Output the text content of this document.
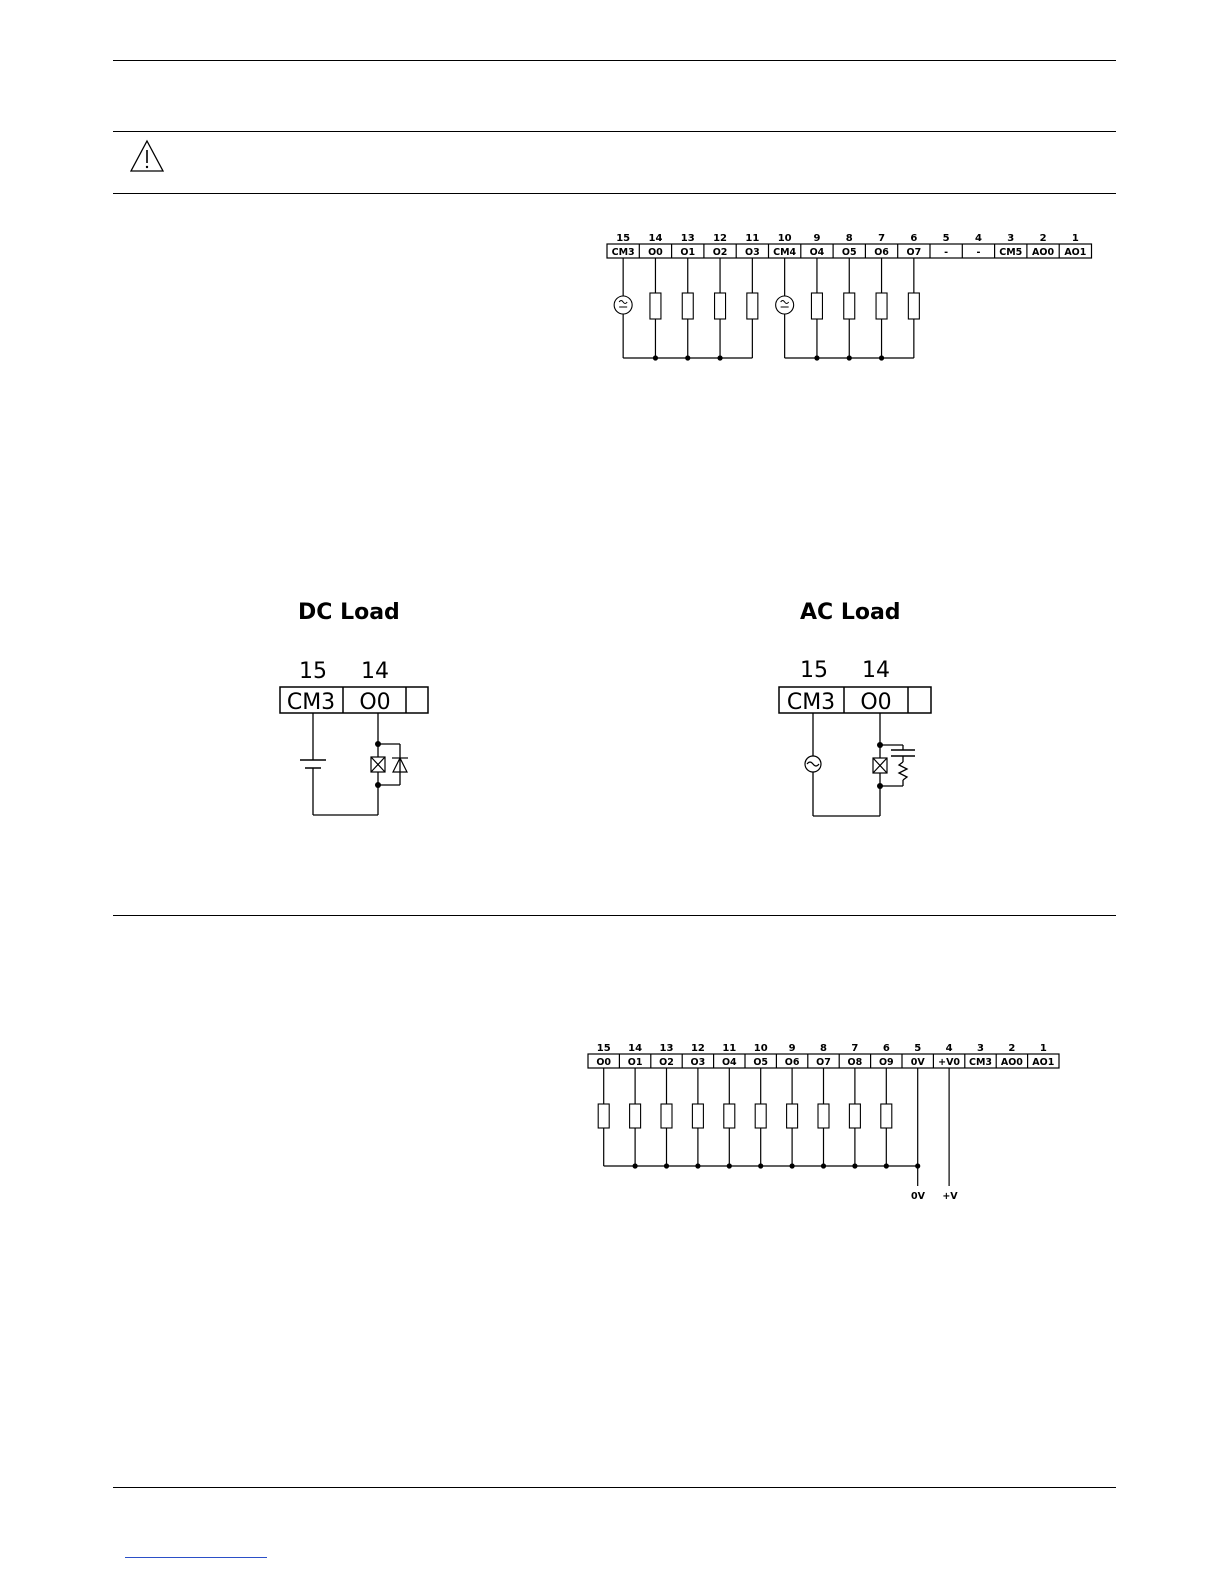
15
CM3
14
O0
13
O1
12
O2
11
O3
10
CM4
9
O4
8
O5
7
O6
6
O7
5
-
4
-
3
CM5
2
AO0
1
AO1
DC Load
15 14
CM3 O0
AC Load
15 14
CM3 O0
15
O0
14
O1
13
O2
12
O3
11
O4
10
O5
9
O6
8
O7
7
O8
6
O9
5
0V
4
+V0
3
CM3
2
AO0
1
AO1
0V +V
